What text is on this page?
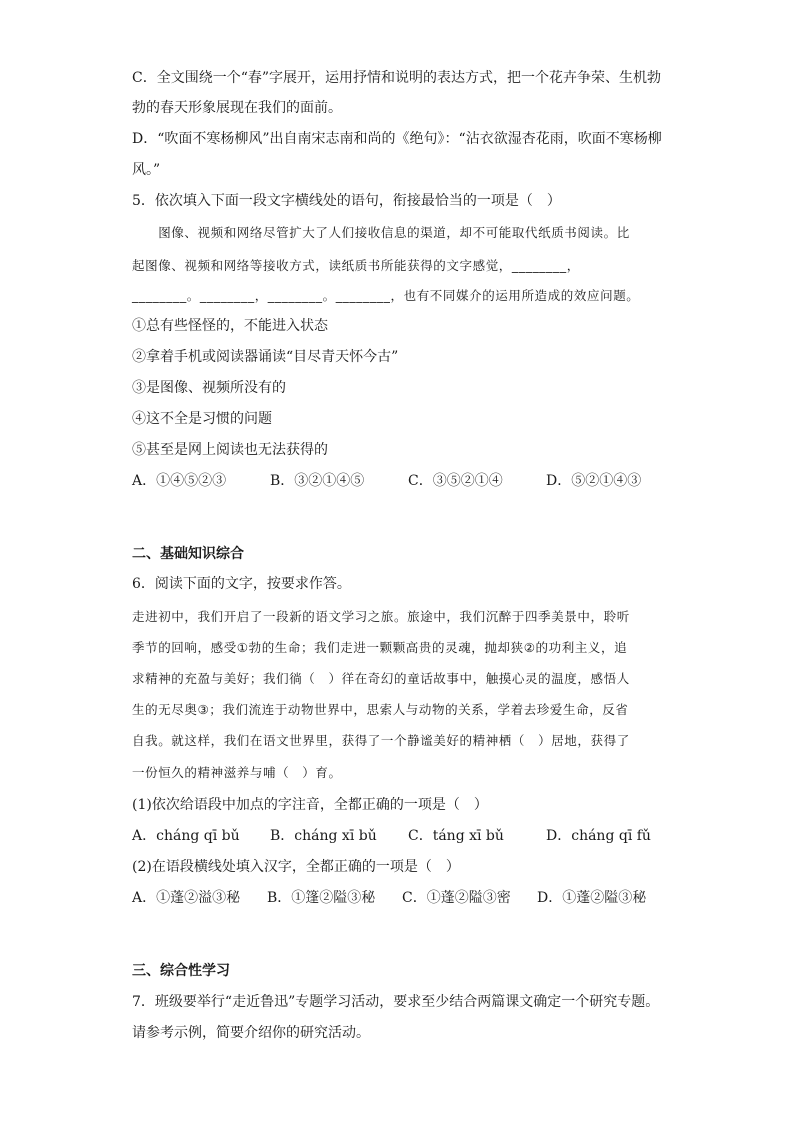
C．全文围绕一个“春”字展开，运用抒情和说明的表达方式，把一个花卉争荣、生机勃
勃的春天形象展现在我们的面前。
D．“吹面不寒杨柳风”出自南宋志南和尚的《绝句》：“沾衣欲湿杏花雨，吹面不寒杨柳
风。”
5．依次填入下面一段文字横线处的语句，衔接最恰当的一项是（　）
　　图像、视频和网络尽管扩大了人们接收信息的渠道，却不可能取代纸质书阅读。比
起图像、视频和网络等接收方式，读纸质书所能获得的文字感觉，________，
________。________，________。________，也有不同媒介的运用所造成的效应问题。
①总有些怪怪的，不能进入状态
②拿着手机或阅读器诵读“目尽青天怀今古”
③是图像、视频所没有的
④这不全是习惯的问题
⑤甚至是网上阅读也无法获得的
A．①④⑤②③	B．③②①④⑤	C．③⑤②①④	D．⑤②①④③
二、基础知识综合
6．阅读下面的文字，按要求作答。
走进初中，我们开启了一段新的语文学习之旅。旅途中，我们沉醉于四季美景中，聆听
季节的回响，感受①勃的生命；我们走进一颗颗高贵的灵魂，抛却狭②的功利主义，追
求精神的充盈与美好；我们徜（　）徉在奇幻的童话故事中，触摸心灵的温度，感悟人
生的无尽奥③；我们流连于动物世界中，思索人与动物的关系，学着去珍爱生命，反省
自我。就这样，我们在语文世界里，获得了一个静谧美好的精神栖（　）居地，获得了
一份恒久的精神滋养与哺（　）育。
(1)依次给语段中加点的字注音，全都正确的一项是（　）
A．cháng qī bǔ	B．cháng xī bǔ	C．táng xī bǔ	D．cháng qī fǔ
(2)在语段横线处填入汉字，全都正确的一项是（　）
A．①蓬②溢③秘	B．①篷②隘③秘	C．①蓬②隘③密	D．①蓬②隘③秘
三、综合性学习
7．班级要举行“走近鲁迅”专题学习活动，要求至少结合两篇课文确定一个研究专题。
请参考示例，简要介绍你的研究活动。
